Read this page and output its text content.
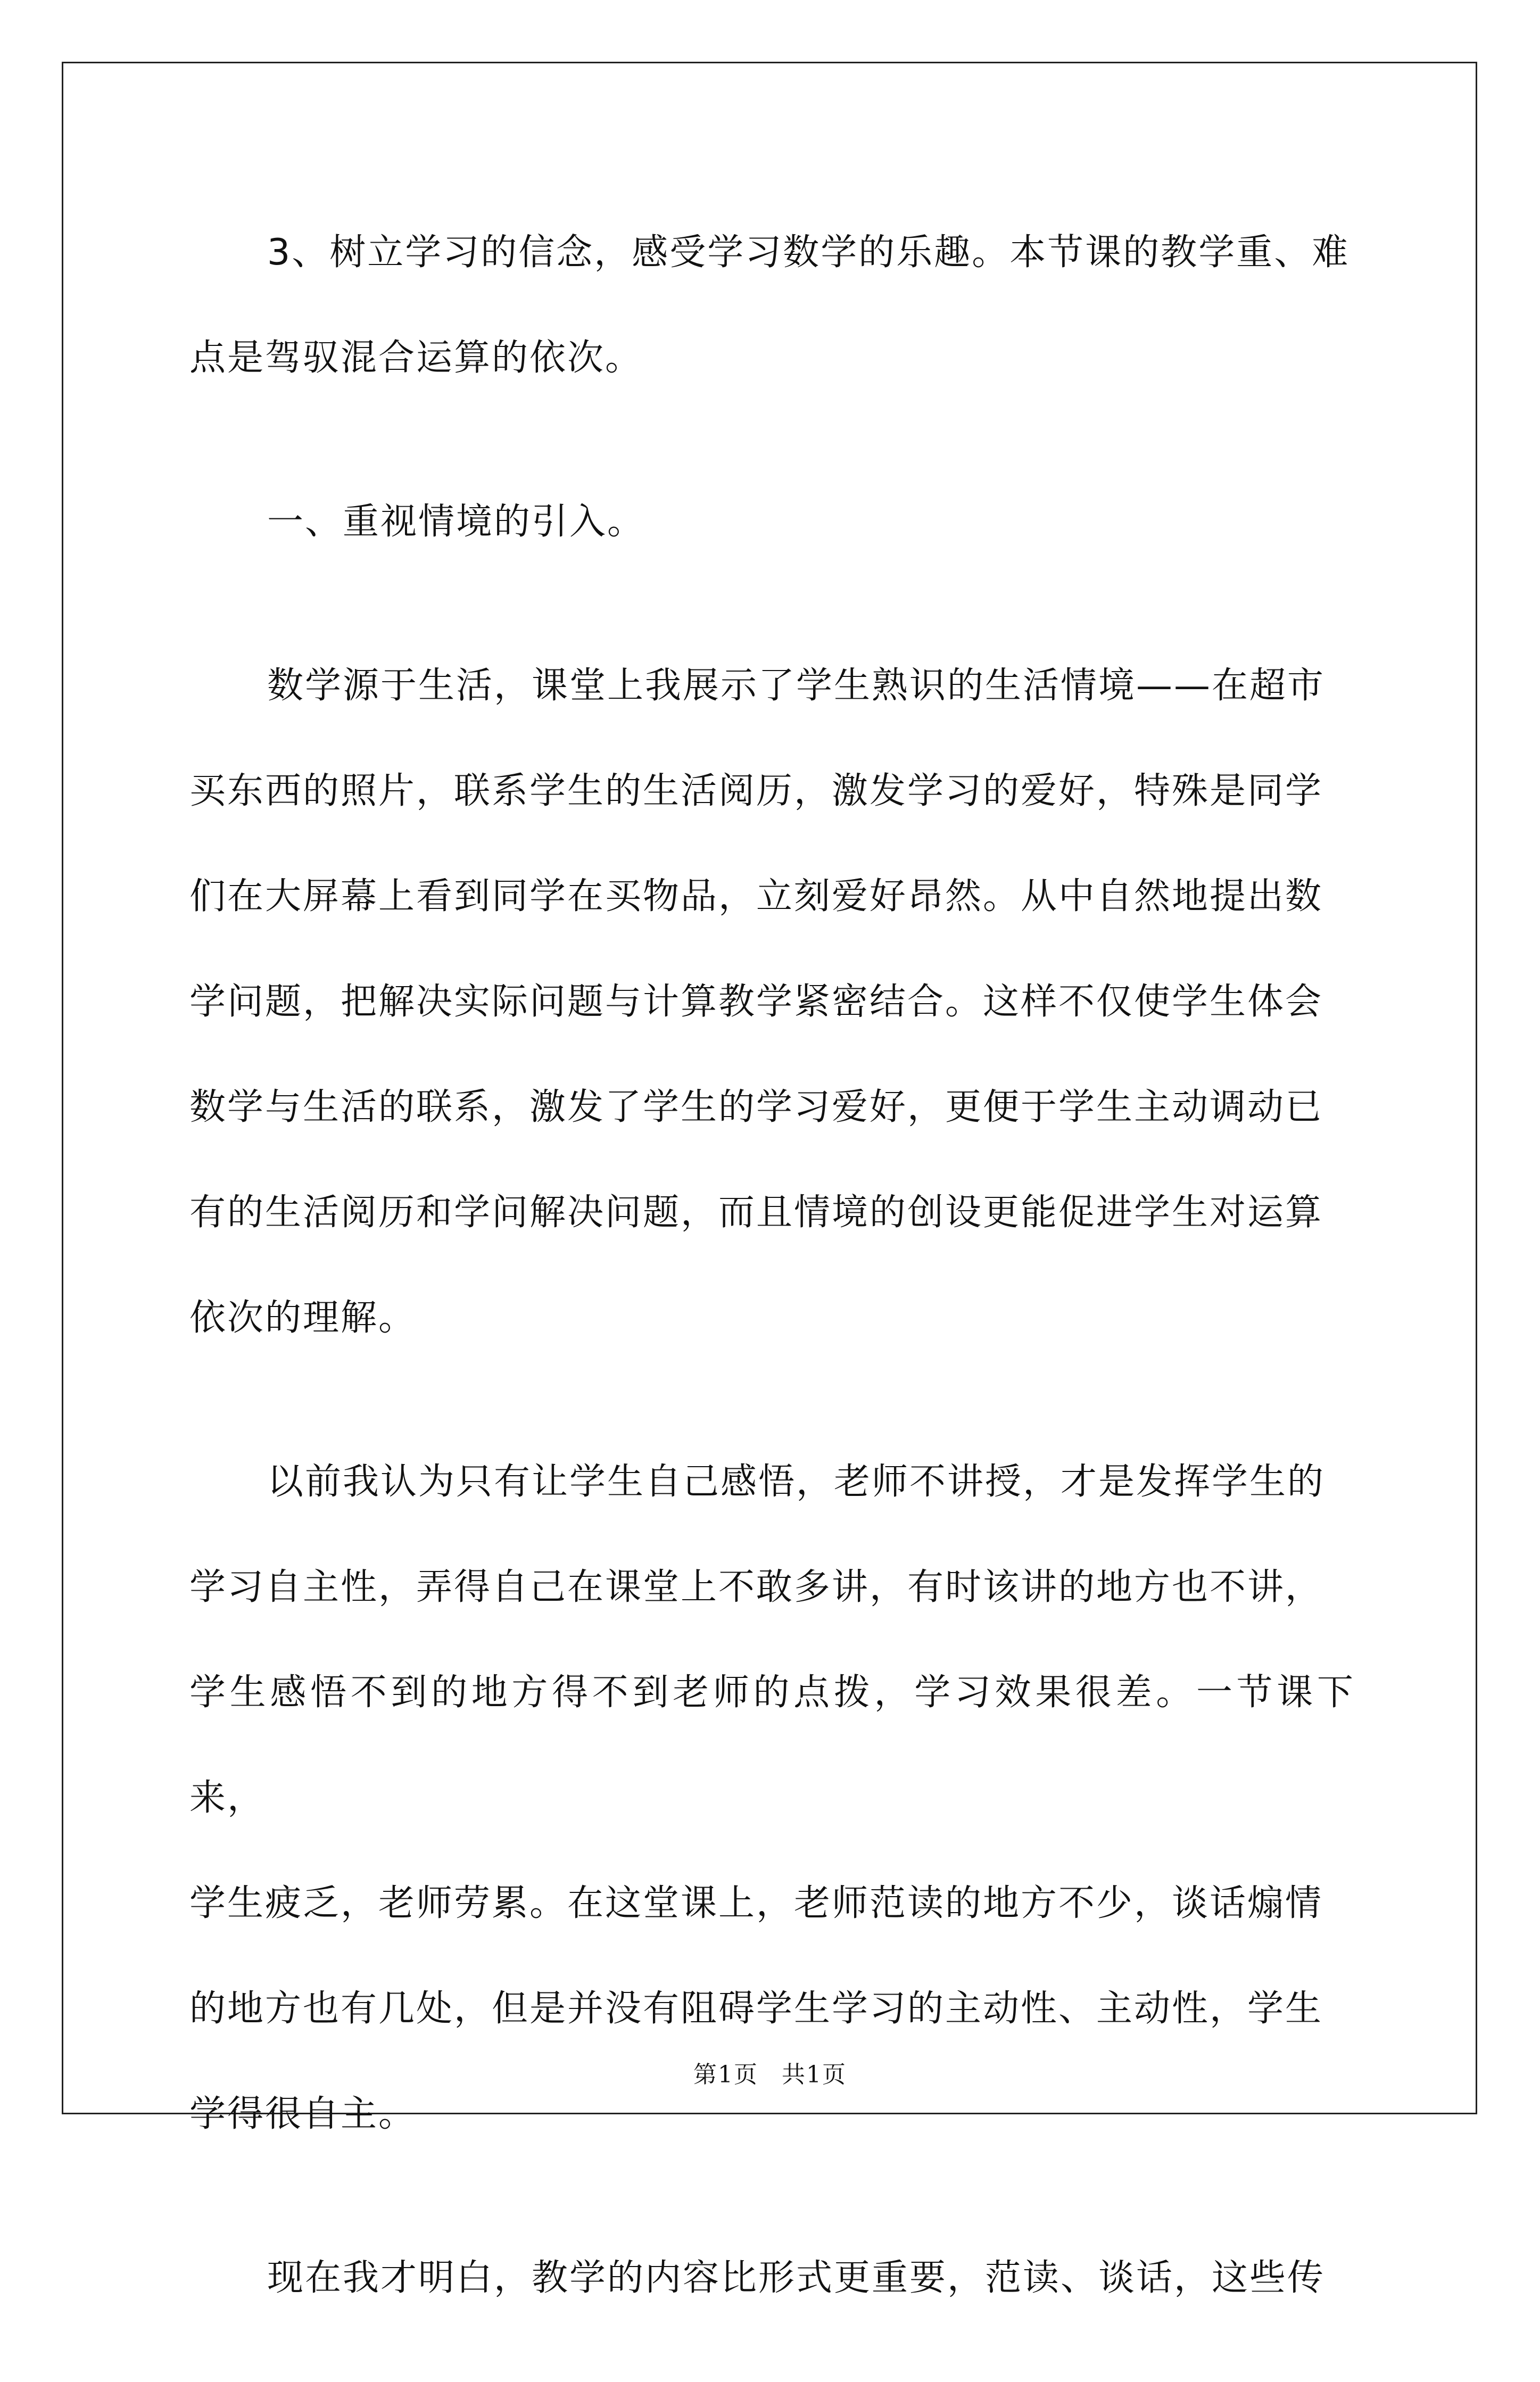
3、树立学习的信念，感受学习数学的乐趣。本节课的教学重、难
点是驾驭混合运算的依次。
一、重视情境的引入。
数学源于生活，课堂上我展示了学生熟识的生活情境——在超市
买东西的照片，联系学生的生活阅历，激发学习的爱好，特殊是同学
们在大屏幕上看到同学在买物品，立刻爱好昂然。从中自然地提出数
学问题，把解决实际问题与计算教学紧密结合。这样不仅使学生体会
数学与生活的联系，激发了学生的学习爱好，更便于学生主动调动已
有的生活阅历和学问解决问题，而且情境的创设更能促进学生对运算
依次的理解。
以前我认为只有让学生自己感悟，老师不讲授，才是发挥学生的
学习自主性，弄得自己在课堂上不敢多讲，有时该讲的地方也不讲，
学生感悟不到的地方得不到老师的点拨，学习效果很差。一节课下来，
学生疲乏，老师劳累。在这堂课上，老师范读的地方不少，谈话煽情
的地方也有几处，但是并没有阻碍学生学习的主动性、主动性，学生
学得很自主。
现在我才明白，教学的内容比形式更重要，范读、谈话，这些传
第1页 共1页
